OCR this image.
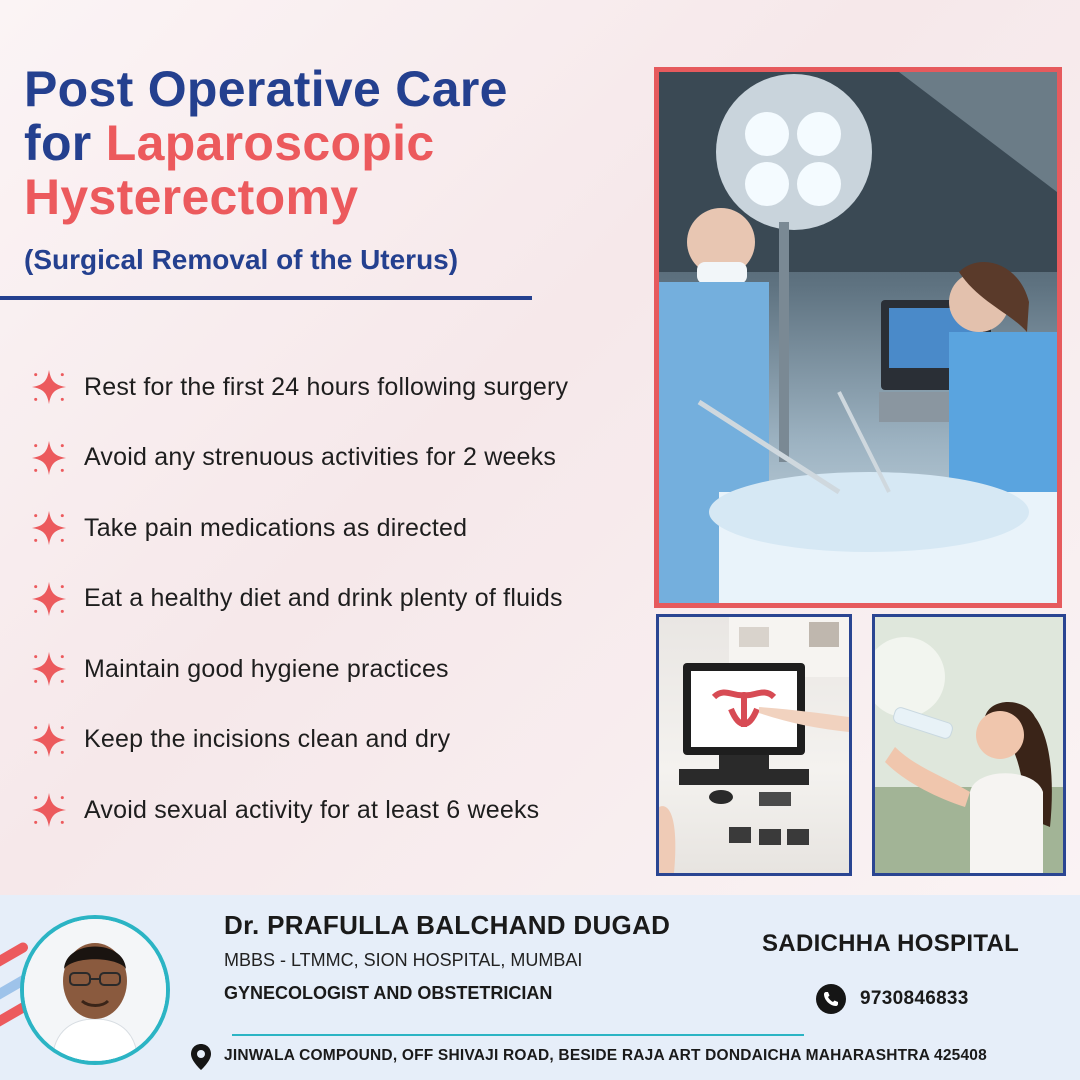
Post Operative Care
for Laparoscopic
Hysterectomy
(Surgical Removal of the Uterus)
Rest for the first 24 hours following surgery
Avoid any strenuous activities for 2 weeks
Take pain medications as directed
Eat a healthy diet and drink plenty of fluids
Maintain good hygiene practices
Keep the incisions clean and dry
Avoid sexual activity for at least 6 weeks
Dr. PRAFULLA BALCHAND DUGAD
MBBS - LTMMC, SION HOSPITAL, MUMBAI
GYNECOLOGIST AND OBSTETRICIAN
SADICHHA HOSPITAL
9730846833
JINWALA COMPOUND, OFF SHIVAJI ROAD, BESIDE RAJA ART DONDAICHA MAHARASHTRA 425408
